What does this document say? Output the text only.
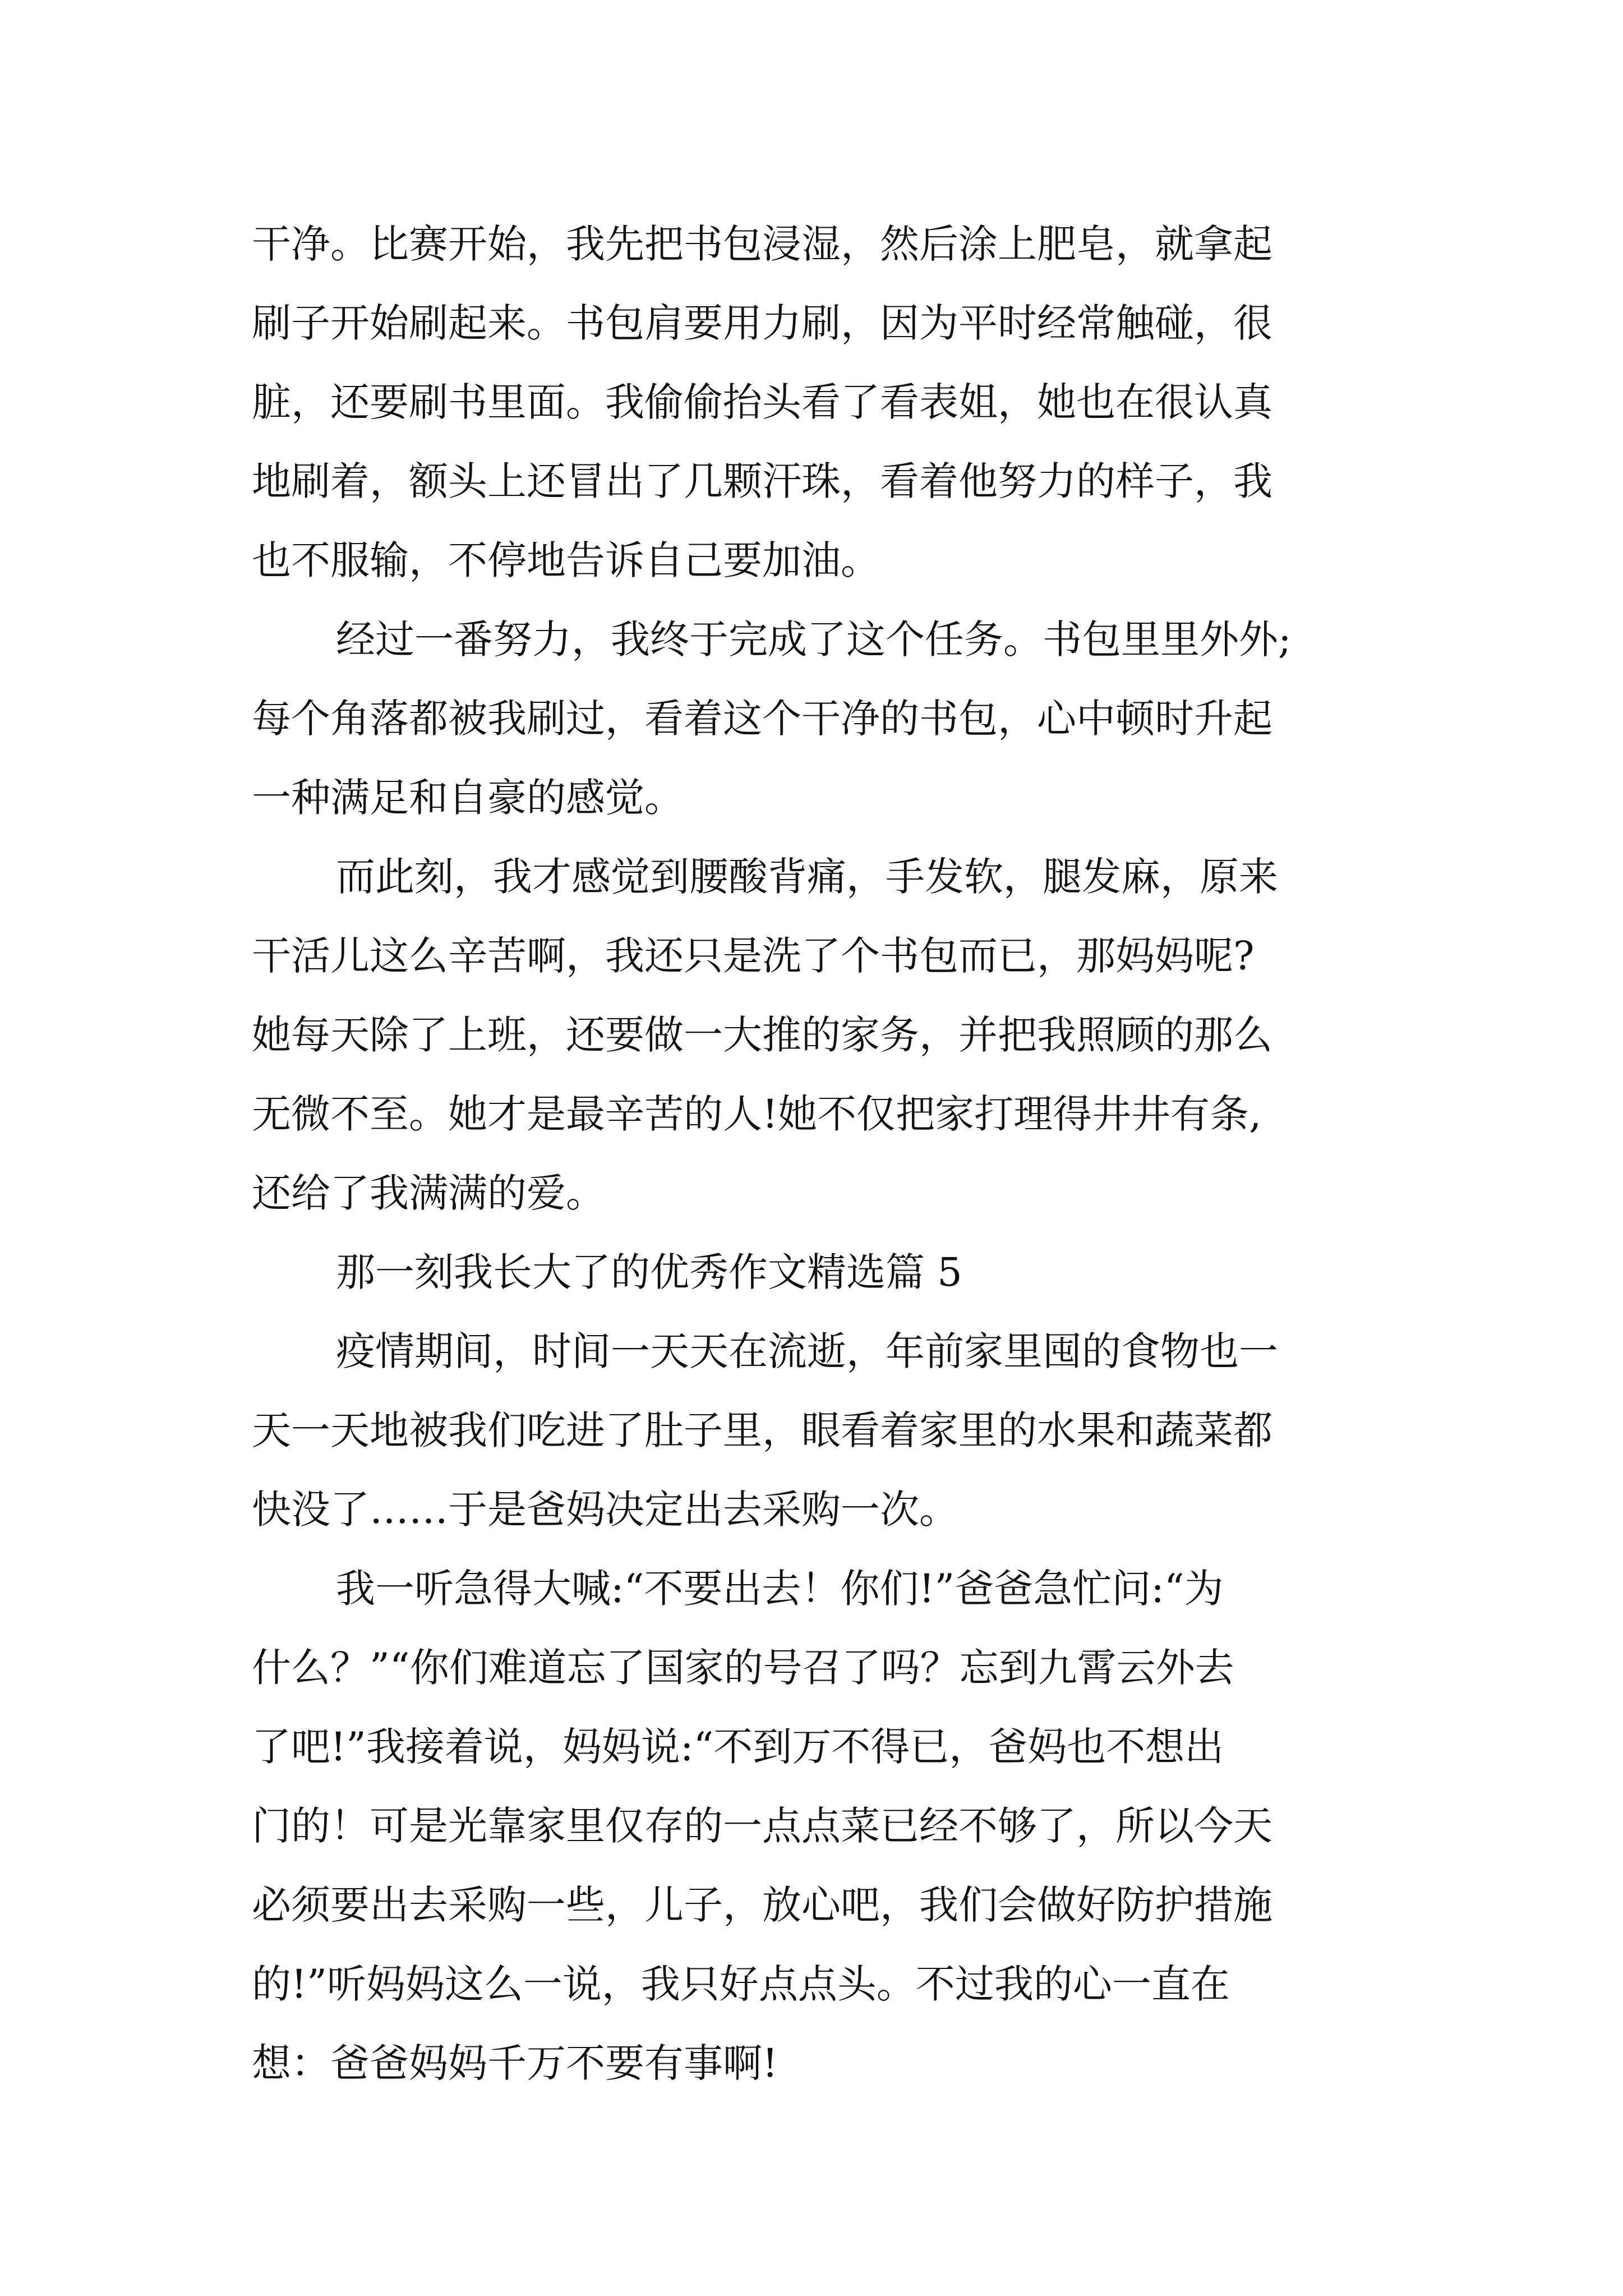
干净。比赛开始，我先把书包浸湿，然后涂上肥皂，就拿起
刷子开始刷起来。书包肩要用力刷，因为平时经常触碰，很
脏，还要刷书里面。我偷偷抬头看了看表姐，她也在很认真
地刷着，额头上还冒出了几颗汗珠，看着他努力的样子，我
也不服输，不停地告诉自己要加油。
经过一番努力，我终于完成了这个任务。书包里里外外;
每个角落都被我刷过，看着这个干净的书包，心中顿时升起
一种满足和自豪的感觉。
而此刻，我才感觉到腰酸背痛，手发软，腿发麻，原来
干活儿这么辛苦啊，我还只是洗了个书包而已，那妈妈呢?
她每天除了上班，还要做一大推的家务，并把我照顾的那么
无微不至。她才是最辛苦的人!她不仅把家打理得井井有条,
还给了我满满的爱。
那一刻我长大了的优秀作文精选篇 5
疫情期间，时间一天天在流逝，年前家里囤的食物也一
天一天地被我们吃进了肚子里，眼看着家里的水果和蔬菜都
快没了……于是爸妈决定出去采购一次。
我一听急得大喊:“不要出去！你们!”爸爸急忙问:“为
什么？”“你们难道忘了国家的号召了吗？忘到九霄云外去
了吧!”我接着说，妈妈说:“不到万不得已，爸妈也不想出
门的！可是光靠家里仅存的一点点菜已经不够了，所以今天
必须要出去采购一些，儿子，放心吧，我们会做好防护措施
的!”听妈妈这么一说，我只好点点头。不过我的心一直在
想：爸爸妈妈千万不要有事啊!
